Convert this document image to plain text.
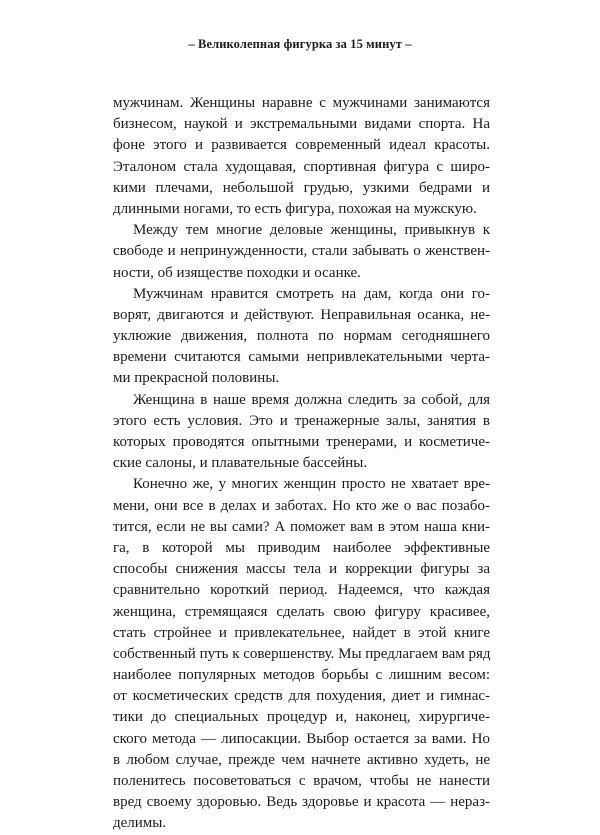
– Великолепная фигурка за 15 минут –
мужчинам. Женщины наравне с мужчинами занимаются
бизнесом, наукой и экстремальными видами спорта. На
фоне этого и развивается современный идеал красоты.
Эталоном стала худощавая, спортивная фигура с широ-
кими плечами, небольшой грудью, узкими бедрами и
длинными ногами, то есть фигура, похожая на мужскую.
Между тем многие деловые женщины, привыкнув к
свободе и непринужденности, стали забывать о женствен-
ности, об изяществе походки и осанке.
Мужчинам нравится смотреть на дам, когда они го-
ворят, двигаются и действуют. Неправильная осанка, не-
уклюжие движения, полнота по нормам сегодняшнего
времени считаются самыми непривлекательными черта-
ми прекрасной половины.
Женщина в наше время должна следить за собой, для
этого есть условия. Это и тренажерные залы, занятия в
которых проводятся опытными тренерами, и косметиче-
ские салоны, и плавательные бассейны.
Конечно же, у многих женщин просто не хватает вре-
мени, они все в делах и заботах. Но кто же о вас позабо-
тится, если не вы сами? А поможет вам в этом наша кни-
га, в которой мы приводим наиболее эффективные
способы снижения массы тела и коррекции фигуры за
сравнительно короткий период. Надеемся, что каждая
женщина, стремящаяся сделать свою фигуру красивее,
стать стройнее и привлекательнее, найдет в этой книге
собственный путь к совершенству. Мы предлагаем вам ряд
наиболее популярных методов борьбы с лишним весом:
от косметических средств для похудения, диет и гимнас-
тики до специальных процедур и, наконец, хирургиче-
ского метода — липосакции. Выбор остается за вами. Но
в любом случае, прежде чем начнете активно худеть, не
поленитесь посоветоваться с врачом, чтобы не нанести
вред своему здоровью. Ведь здоровье и красота — нераз-
делимы.
